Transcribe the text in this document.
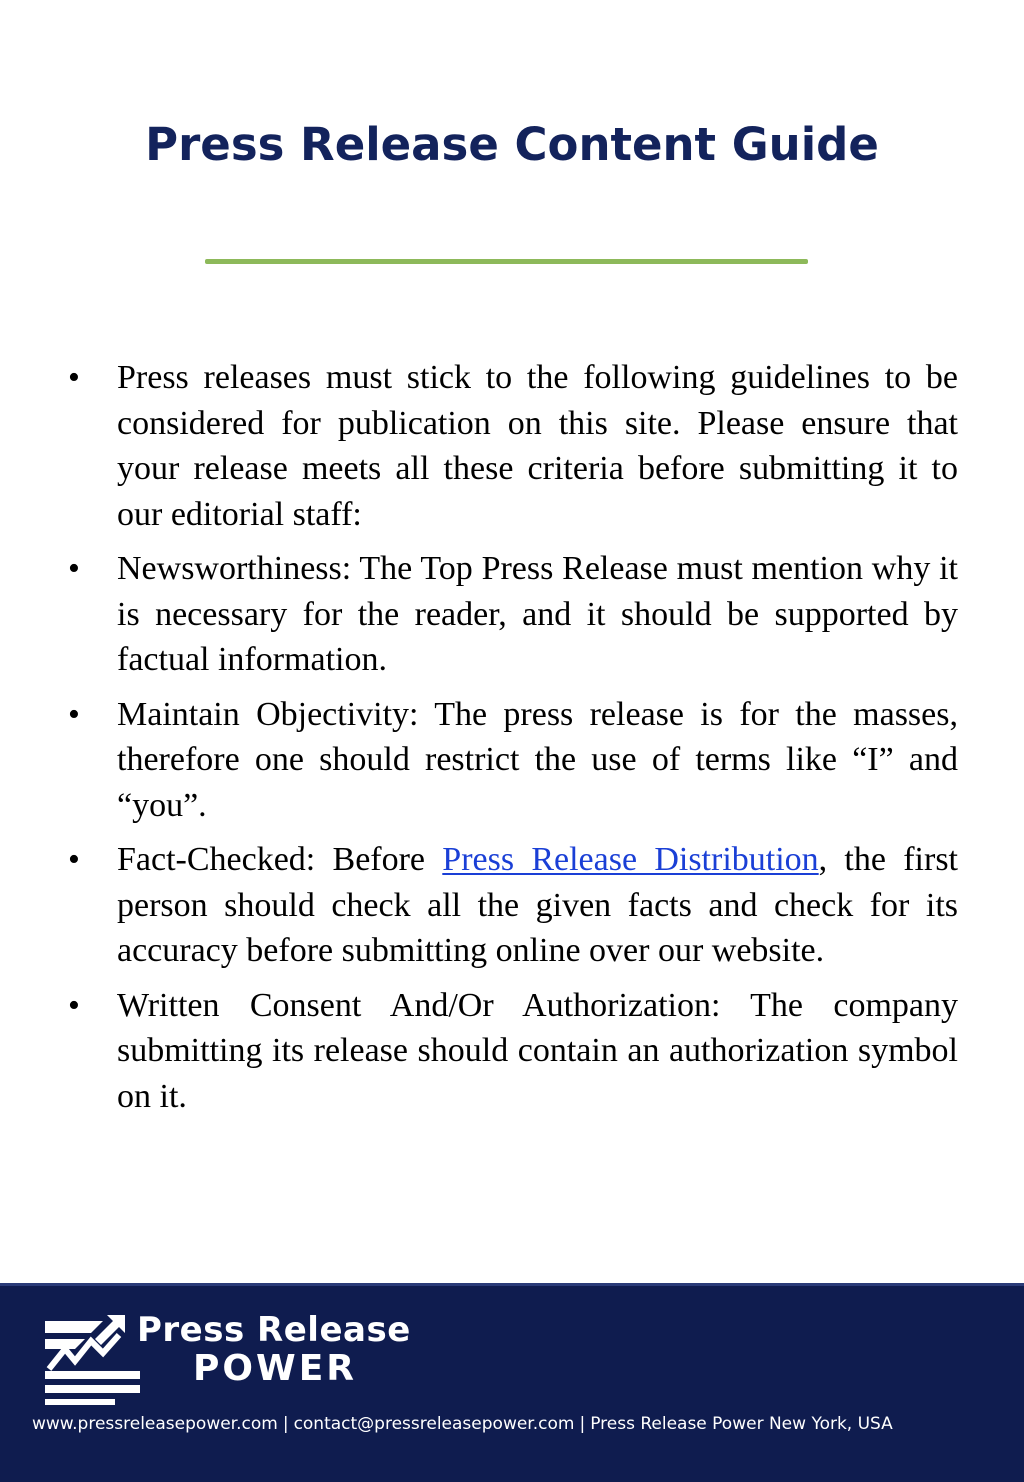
Press Release Content Guide
• Press releases must stick to the following guidelines to be considered for publication on this site. Please ensure that your release meets all these criteria before submitting it to our editorial staff:
• Newsworthiness: The Top Press Release must mention why it is necessary for the reader, and it should be supported by factual information.
• Maintain Objectivity: The press release is for the masses, therefore one should restrict the use of terms like “I” and “you”.
• Fact-Checked: Before Press Release Distribution, the first person should check all the given facts and check for its accuracy before submitting online over our website.
• Written Consent And/Or Authorization: The company submitting its release should contain an authorization symbol on it.
Press Release
POWER
www.pressreleasepower.com | contact@pressreleasepower.com | Press Release Power New York, USA
